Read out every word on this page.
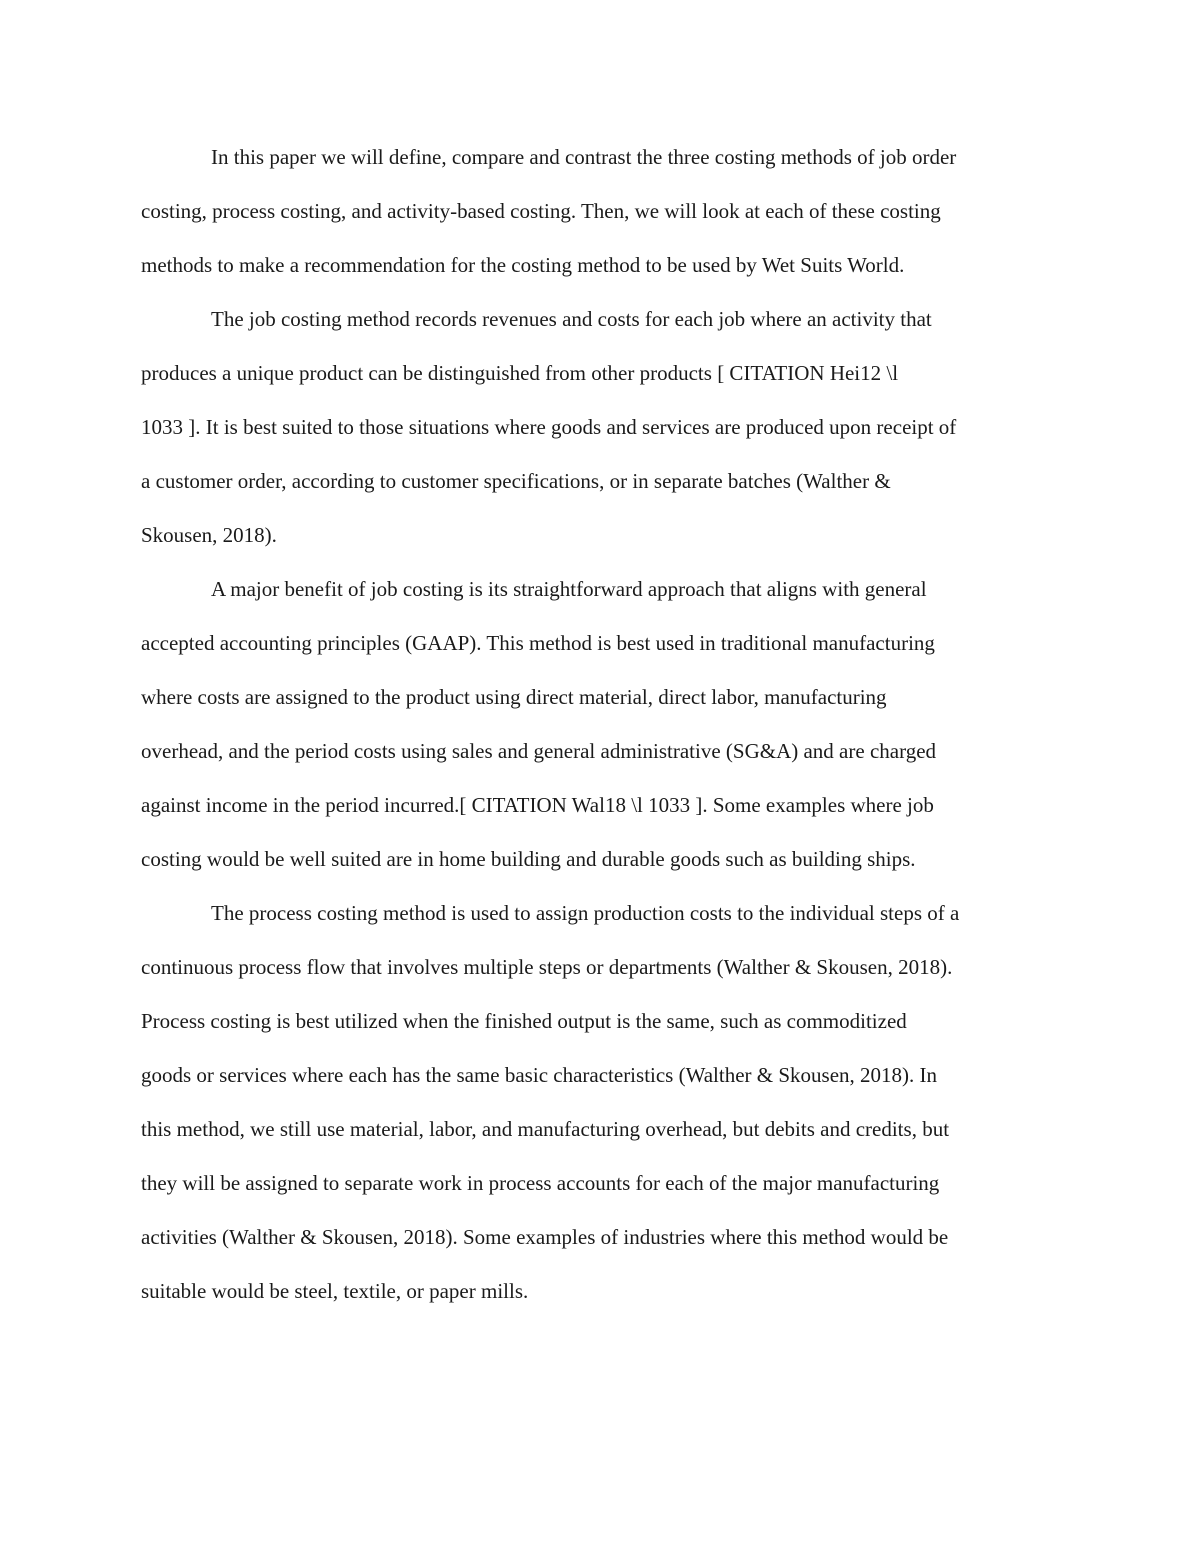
In this paper we will define, compare and contrast the three costing methods of job order

costing, process costing, and activity-based costing. Then, we will look at each of these costing

methods to make a recommendation for the costing method to be used by Wet Suits World.

The job costing method records revenues and costs for each job where an activity that

produces a unique product can be distinguished from other products [ CITATION Hei12 \l

1033 ]. It is best suited to those situations where goods and services are produced upon receipt of

a customer order, according to customer specifications, or in separate batches (Walther &

Skousen, 2018).

A major benefit of job costing is its straightforward approach that aligns with general

accepted accounting principles (GAAP). This method is best used in traditional manufacturing

where costs are assigned to the product using direct material, direct labor, manufacturing

overhead, and the period costs using sales and general administrative (SG&A) and are charged

against income in the period incurred.[ CITATION Wal18 \l 1033 ]. Some examples where job

costing would be well suited are in home building and durable goods such as building ships.

The process costing method is used to assign production costs to the individual steps of a

continuous process flow that involves multiple steps or departments (Walther & Skousen, 2018).

Process costing is best utilized when the finished output is the same, such as commoditized

goods or services where each has the same basic characteristics (Walther & Skousen, 2018). In

this method, we still use material, labor, and manufacturing overhead, but debits and credits, but

they will be assigned to separate work in process accounts for each of the major manufacturing

activities (Walther & Skousen, 2018). Some examples of industries where this method would be

suitable would be steel, textile, or paper mills.
